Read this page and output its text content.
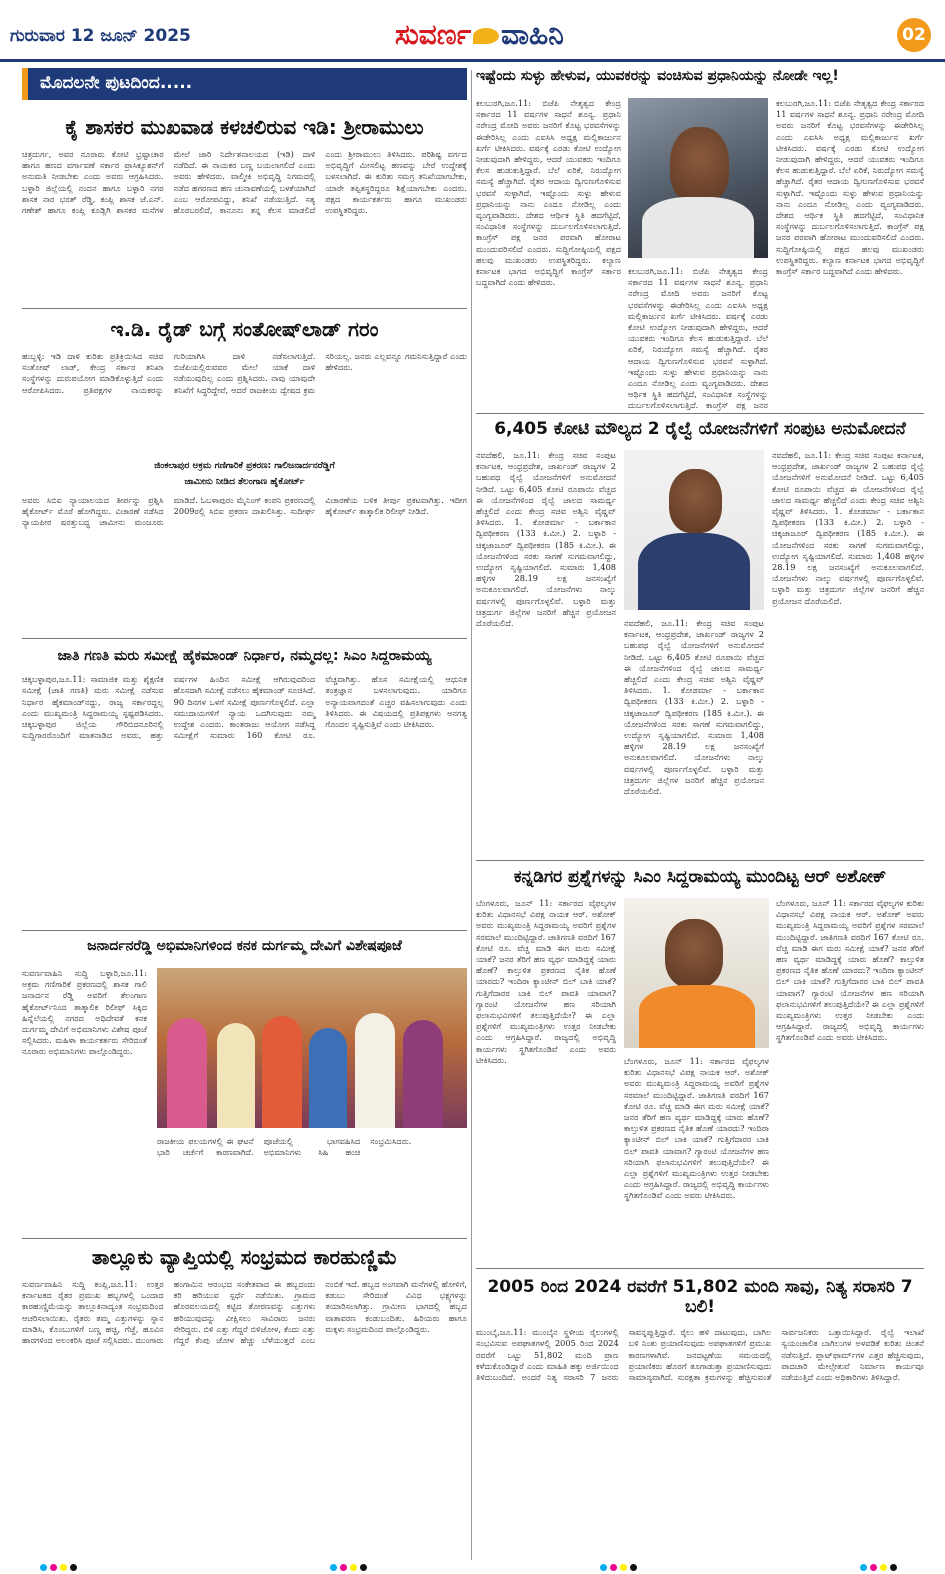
ಗುರುವಾರ 12 ಜೂನ್ 2025	ಸುವರ್ಣ ವಾಹಿನಿ	02
ಮೊದಲನೇ ಪುಟದಿಂದ.....
ಕೈ ಶಾಸಕರ ಮುಖವಾಡ ಕಳಚಲಿರುವ ಇಡಿ: ಶ್ರೀರಾಮುಲು
ಚಿತ್ರದುರ್ಗ, ಅವರ ನೂರಾರು ಕೋಟಿ ಭ್ರಷ್ಟಾಚಾರ ಹಾಗೂ ಹಣದ ವರ್ಗಾವಣೆ ಸರ್ಕಾರ ಪ್ರಾಸಿಕ್ಯೂಶನ್‌ಗೆ ಅನುಮತಿ ನೀಡಬೇಕು ಎಂದು ಅವರು ಆಗ್ರಹಿಸಿದರು. ಬಳ್ಳಾರಿ ಜಿಲ್ಲೆಯಲ್ಲಿ ನಂದನ ಹಾಗೂ ಬಳ್ಳಾರಿ ನಗರ ಶಾಸಕ ನಾರ ಭರತ್ ರೆಡ್ಡಿ, ಕಂಪ್ಲಿ ಶಾಸಕ ಜೆ.ಎನ್. ಗಣೇಶ್ ಹಾಗೂ ಕಂಪ್ಲಿ ಕೂಡ್ಲಿಗಿ ಶಾಸಕರ ಮನೆಗಳ ಮೇಲೆ ಜಾರಿ ನಿರ್ದೇಶನಾಲಯದ (ಇಡಿ) ದಾಳಿ ನಡೆದಿದೆ. ಈ ನಾಯಕರ ಬಣ್ಣ ಬಯಲಾಗಲಿದೆ ಎಂದು ಅವರು ಹೇಳಿದರು. ವಾಲ್ಮೀಕಿ ಅಭಿವೃದ್ಧಿ ನಿಗಮದಲ್ಲಿ ನಡೆದ ಹಗರಣದ ಹಣ ಚುನಾವಣೆಯಲ್ಲಿ ಬಳಕೆಯಾಗಿದೆ ಎಂಬ ಆರೋಪವಿದ್ದು, ತನಿಖೆ ನಡೆಯುತ್ತಿದೆ. ಸತ್ಯ ಹೊರಬರಲಿದೆ, ಕಾನೂನು ತನ್ನ ಕೆಲಸ ಮಾಡಲಿದೆ ಎಂದು ಶ್ರೀರಾಮುಲು ತಿಳಿಸಿದರು. ಪರಿಶಿಷ್ಟ ವರ್ಗದ ಅಭಿವೃದ್ಧಿಗೆ ಮೀಸಲಿಟ್ಟ ಹಣವನ್ನು ಬೇರೆ ಉದ್ದೇಶಕ್ಕೆ ಬಳಸಲಾಗಿದೆ. ಈ ಕುರಿತು ಸಮಗ್ರ ತನಿಖೆಯಾಗಬೇಕು, ಯಾರೇ ತಪ್ಪಿತಸ್ಥರಿದ್ದರೂ ಶಿಕ್ಷೆಯಾಗಬೇಕು ಎಂದರು. ಪಕ್ಷದ ಕಾರ್ಯಕರ್ತರು ಹಾಗೂ ಮುಖಂಡರು ಉಪಸ್ಥಿತರಿದ್ದರು.
ಇ.ಡಿ. ರೈಡ್ ಬಗ್ಗೆ ಸಂತೋಷ್‌ಲಾಡ್ ಗರಂ
ಹುಬ್ಬಳ್ಳಿ: ಇಡಿ ದಾಳಿ ಕುರಿತು ಪ್ರತಿಕ್ರಿಯಿಸಿದ ಸಚಿವ ಸಂತೋಷ್ ಲಾಡ್, ಕೇಂದ್ರ ಸರ್ಕಾರ ತನಿಖಾ ಸಂಸ್ಥೆಗಳನ್ನು ದುರುಪಯೋಗ ಮಾಡಿಕೊಳ್ಳುತ್ತಿದೆ ಎಂದು ಆರೋಪಿಸಿದರು. ಪ್ರತಿಪಕ್ಷಗಳ ನಾಯಕರನ್ನು ಗುರಿಯಾಗಿಸಿ ದಾಳಿ ನಡೆಸಲಾಗುತ್ತಿದೆ. ಬಿಜೆಪಿಯಲ್ಲಿರುವವರ ಮೇಲೆ ಯಾಕೆ ದಾಳಿ ನಡೆಯುವುದಿಲ್ಲ ಎಂದು ಪ್ರಶ್ನಿಸಿದರು. ನಾವು ಯಾವುದೇ ತನಿಖೆಗೆ ಸಿದ್ಧರಿದ್ದೇವೆ, ಆದರೆ ರಾಜಕೀಯ ದ್ವೇಷದ ಕ್ರಮ ಸರಿಯಲ್ಲ. ಜನರು ಎಲ್ಲವನ್ನೂ ಗಮನಿಸುತ್ತಿದ್ದಾರೆ ಎಂದು ಹೇಳಿದರು.
ಜಿಂಕಲಾಪುರ ಅಕ್ರಮ ಗಣಿಗಾರಿಕೆ ಪ್ರಕರಣ: ಗಾಲಿಜನಾರ್ದನರೆಡ್ಡಿಗೆ
ಜಾಮೀನು ನೀಡಿದ ತೆಲಂಗಾಣ ಹೈಕೋರ್ಟ್
ಅವರು ಸಿಬಿಐ ನ್ಯಾಯಾಲಯದ ತೀರ್ಪನ್ನು ಪ್ರಶ್ನಿಸಿ ಹೈಕೋರ್ಟ್ ಮೊರೆ ಹೋಗಿದ್ದರು. ವಿಚಾರಣೆ ನಡೆಸಿದ ನ್ಯಾಯಪೀಠ ಷರತ್ತುಬದ್ಧ ಜಾಮೀನು ಮಂಜೂರು ಮಾಡಿದೆ. ಓಬಳಾಪುರಂ ಮೈನಿಂಗ್ ಕಂಪನಿ ಪ್ರಕರಣದಲ್ಲಿ 2009ರಲ್ಲಿ ಸಿಬಿಐ ಪ್ರಕರಣ ದಾಖಲಿಸಿತ್ತು. ಸುದೀರ್ಘ ವಿಚಾರಣೆಯ ಬಳಿಕ ತೀರ್ಪು ಪ್ರಕಟವಾಗಿತ್ತು. ಇದೀಗ ಹೈಕೋರ್ಟ್ ತಾತ್ಕಾಲಿಕ ರಿಲೀಫ್ ನೀಡಿದೆ.
ಜಾತಿ ಗಣತಿ ಮರು ಸಮೀಕ್ಷೆ ಹೈಕಮಾಂಡ್ ನಿರ್ಧಾರ, ನಮ್ಮದಲ್ಲ: ಸಿಎಂ ಸಿದ್ದರಾಮಯ್ಯ
ಚಿಕ್ಕಬಳ್ಳಾಪುರ,ಜೂ.11: ಸಾಮಾಜಿಕ ಮತ್ತು ಶೈಕ್ಷಣಿಕ ಸಮೀಕ್ಷೆ (ಜಾತಿ ಗಣತಿ) ಮರು ಸಮೀಕ್ಷೆ ನಡೆಸುವ ನಿರ್ಧಾರ ಹೈಕಮಾಂಡ್‌ನದ್ದು, ರಾಜ್ಯ ಸರ್ಕಾರದ್ದಲ್ಲ ಎಂದು ಮುಖ್ಯಮಂತ್ರಿ ಸಿದ್ದರಾಮಯ್ಯ ಸ್ಪಷ್ಟಪಡಿಸಿದರು. ಚಿಕ್ಕಬಳ್ಳಾಪುರ ಜಿಲ್ಲೆಯ ಗೌರಿಬಿದನೂರಿನಲ್ಲಿ ಸುದ್ದಿಗಾರರೊಂದಿಗೆ ಮಾತನಾಡಿದ ಅವರು, ಹತ್ತು ವರ್ಷಗಳ ಹಿಂದಿನ ಸಮೀಕ್ಷೆ ಆಗಿರುವುದರಿಂದ ಹೊಸದಾಗಿ ಸಮೀಕ್ಷೆ ನಡೆಸಲು ಹೈಕಮಾಂಡ್ ಸೂಚಿಸಿದೆ. 90 ದಿನಗಳ ಒಳಗೆ ಸಮೀಕ್ಷೆ ಪೂರ್ಣಗೊಳ್ಳಲಿದೆ. ಎಲ್ಲಾ ಸಮುದಾಯಗಳಿಗೆ ನ್ಯಾಯ ಒದಗಿಸುವುದು ನಮ್ಮ ಉದ್ದೇಶ ಎಂದರು. ಕಾಂತರಾಜು ಆಯೋಗ ನಡೆಸಿದ್ದ ಸಮೀಕ್ಷೆಗೆ ಸುಮಾರು 160 ಕೋಟಿ ರೂ. ವೆಚ್ಚವಾಗಿತ್ತು. ಹೊಸ ಸಮೀಕ್ಷೆಯಲ್ಲಿ ಆಧುನಿಕ ತಂತ್ರಜ್ಞಾನ ಬಳಸಲಾಗುವುದು. ಯಾರಿಗೂ ಅನ್ಯಾಯವಾಗದಂತೆ ಎಚ್ಚರ ವಹಿಸಲಾಗುವುದು ಎಂದು ತಿಳಿಸಿದರು. ಈ ವಿಷಯದಲ್ಲಿ ಪ್ರತಿಪಕ್ಷಗಳು ಅನಗತ್ಯ ಗೊಂದಲ ಸೃಷ್ಟಿಸುತ್ತಿವೆ ಎಂದು ಟೀಕಿಸಿದರು.
ಜನಾರ್ದನರೆಡ್ಡಿ ಅಭಿಮಾನಿಗಳಿಂದ ಕನಕ ದುರ್ಗಮ್ಮ ದೇವಿಗೆ ವಿಶೇಷಪೂಜೆ
ಸುವರ್ಣವಾಹಿನಿ ಸುದ್ದಿ ಬಳ್ಳಾರಿ,ಜೂ.11: ಅಕ್ರಮ ಗಣಿಗಾರಿಕೆ ಪ್ರಕರಣದಲ್ಲಿ ಶಾಸಕ ಗಾಲಿ ಜನಾರ್ದನ ರೆಡ್ಡಿ ಅವರಿಗೆ ತೆಲಂಗಾಣ ಹೈಕೋರ್ಟ್‌ನಿಂದ ತಾತ್ಕಾಲಿಕ ರಿಲೀಫ್ ಸಿಕ್ಕಿದ ಹಿನ್ನೆಲೆಯಲ್ಲಿ ನಗರದ ಅಧಿದೇವತೆ ಕನಕ ದುರ್ಗಮ್ಮ ದೇವಿಗೆ ಅಭಿಮಾನಿಗಳು ವಿಶೇಷ ಪೂಜೆ ಸಲ್ಲಿಸಿದರು. ಮಹಿಳಾ ಕಾರ್ಯಕರ್ತರು ಸೇರಿದಂತೆ ನೂರಾರು ಅಭಿಮಾನಿಗಳು ಪಾಲ್ಗೊಂಡಿದ್ದರು.
ರಾಜಕೀಯ ಪಲಯಗಳಲ್ಲಿ ಈ ಘಟನೆ ಭಾರಿ ಚರ್ಚೆಗೆ ಕಾರಣವಾಗಿದೆ. ಪೂಜೆಯಲ್ಲಿ ಭಾಗವಹಿಸಿದ ಅಭಿಮಾನಿಗಳು ಸಿಹಿ ಹಂಚಿ ಸಂಭ್ರಮಿಸಿದರು.
ತಾಲ್ಲೂಕು ವ್ಯಾಪ್ತಿಯಲ್ಲಿ ಸಂಭ್ರಮದ ಕಾರಹುಣ್ಣಿಮೆ
ಸುವರ್ಣವಾಹಿನಿ ಸುದ್ದಿ ಕಂಪ್ಲಿ,ಜೂ.11: ಉತ್ತರ ಕರ್ನಾಟಕದ ರೈತರ ಪ್ರಮುಖ ಹಬ್ಬಗಳಲ್ಲಿ ಒಂದಾದ ಕಾರಹುಣ್ಣಿಮೆಯನ್ನು ತಾಲ್ಲೂಕಿನಾದ್ಯಂತ ಸಂಭ್ರಮದಿಂದ ಆಚರಿಸಲಾಯಿತು. ರೈತರು ತಮ್ಮ ಎತ್ತುಗಳನ್ನು ಸ್ನಾನ ಮಾಡಿಸಿ, ಕೊಂಬುಗಳಿಗೆ ಬಣ್ಣ ಹಚ್ಚಿ, ಗೆಜ್ಜೆ, ಹೂವಿನ ಹಾರಗಳಿಂದ ಅಲಂಕರಿಸಿ ಪೂಜೆ ಸಲ್ಲಿಸಿದರು. ಮುಂಗಾರು ಹಂಗಾಮಿನ ಆರಂಭದ ಸಂಕೇತವಾದ ಈ ಹಬ್ಬದಂದು ಕರಿ ಹರಿಯುವ ಸ್ಪರ್ಧೆ ನಡೆಯಿತು. ಗ್ರಾಮದ ಹೊರವಲಯದಲ್ಲಿ ಕಟ್ಟಿದ ತೋರಣವನ್ನು ಎತ್ತುಗಳು ಹರಿಯುವುದನ್ನು ವೀಕ್ಷಿಸಲು ಸಾವಿರಾರು ಜನರು ಸೇರಿದ್ದರು. ಬಿಳಿ ಎತ್ತು ಗೆದ್ದರೆ ಬಿಳಿಜೋಳ, ಕೆಂದು ಎತ್ತು ಗೆದ್ದರೆ ಕೆಂಪು ಜೋಳ ಹೆಚ್ಚು ಬೆಳೆಯುತ್ತದೆ ಎಂಬ ನಂಬಿಕೆ ಇದೆ. ಹಬ್ಬದ ಅಂಗವಾಗಿ ಮನೆಗಳಲ್ಲಿ ಹೋಳಿಗೆ, ಕಡುಬು ಸೇರಿದಂತೆ ವಿವಿಧ ಭಕ್ಷ್ಯಗಳನ್ನು ತಯಾರಿಸಲಾಗಿತ್ತು. ಗ್ರಾಮೀಣ ಭಾಗದಲ್ಲಿ ಹಬ್ಬದ ವಾತಾವರಣ ಕಂಡುಬಂದಿತು. ಹಿರಿಯರು ಹಾಗೂ ಮಕ್ಕಳು ಸಂಭ್ರಮದಿಂದ ಪಾಲ್ಗೊಂಡಿದ್ದರು.
ಇಷ್ಟೆಂದು ಸುಳ್ಳು ಹೇಳುವ, ಯುವಕರನ್ನು ವಂಚಿಸುವ ಪ್ರಧಾನಿಯನ್ನು ನೋಡೇ ಇಲ್ಲ!
ಕಲಬುರಗಿ,ಜೂ.11: ಬಿಜೆಪಿ ನೇತೃತ್ವದ ಕೇಂದ್ರ ಸರ್ಕಾರದ 11 ವರ್ಷಗಳ ಸಾಧನೆ ಶೂನ್ಯ. ಪ್ರಧಾನಿ ನರೇಂದ್ರ ಮೋದಿ ಅವರು ಜನರಿಗೆ ಕೊಟ್ಟ ಭರವಸೆಗಳನ್ನು ಈಡೇರಿಸಿಲ್ಲ ಎಂದು ಎಐಸಿಸಿ ಅಧ್ಯಕ್ಷ ಮಲ್ಲಿಕಾರ್ಜುನ ಖರ್ಗೆ ಟೀಕಿಸಿದರು. ವರ್ಷಕ್ಕೆ ಎರಡು ಕೋಟಿ ಉದ್ಯೋಗ ನೀಡುವುದಾಗಿ ಹೇಳಿದ್ದರು, ಆದರೆ ಯುವಕರು ಇಂದಿಗೂ ಕೆಲಸ ಹುಡುಕುತ್ತಿದ್ದಾರೆ. ಬೆಲೆ ಏರಿಕೆ, ನಿರುದ್ಯೋಗ ಸಮಸ್ಯೆ ಹೆಚ್ಚಾಗಿದೆ. ರೈತರ ಆದಾಯ ದ್ವಿಗುಣಗೊಳಿಸುವ ಭರವಸೆ ಸುಳ್ಳಾಗಿದೆ. ಇಷ್ಟೊಂದು ಸುಳ್ಳು ಹೇಳುವ ಪ್ರಧಾನಿಯನ್ನು ನಾನು ಎಂದೂ ನೋಡಿಲ್ಲ ಎಂದು ವ್ಯಂಗ್ಯವಾಡಿದರು. ದೇಶದ ಆರ್ಥಿಕ ಸ್ಥಿತಿ ಹದಗೆಟ್ಟಿದೆ, ಸಂವಿಧಾನಿಕ ಸಂಸ್ಥೆಗಳನ್ನು ದುರ್ಬಲಗೊಳಿಸಲಾಗುತ್ತಿದೆ. ಕಾಂಗ್ರೆಸ್ ಪಕ್ಷ ಜನರ ಪರವಾಗಿ ಹೋರಾಟ ಮುಂದುವರಿಸಲಿದೆ ಎಂದರು. ಸುದ್ದಿಗೋಷ್ಠಿಯಲ್ಲಿ ಪಕ್ಷದ ಹಲವು ಮುಖಂಡರು ಉಪಸ್ಥಿತರಿದ್ದರು. ಕಲ್ಯಾಣ ಕರ್ನಾಟಕ ಭಾಗದ ಅಭಿವೃದ್ಧಿಗೆ ಕಾಂಗ್ರೆಸ್ ಸರ್ಕಾರ ಬದ್ಧವಾಗಿದೆ ಎಂದು ಹೇಳಿದರು.
ಕಲಬುರಗಿ,ಜೂ.11: ಬಿಜೆಪಿ ನೇತೃತ್ವದ ಕೇಂದ್ರ ಸರ್ಕಾರದ 11 ವರ್ಷಗಳ ಸಾಧನೆ ಶೂನ್ಯ. ಪ್ರಧಾನಿ ನರೇಂದ್ರ ಮೋದಿ ಅವರು ಜನರಿಗೆ ಕೊಟ್ಟ ಭರವಸೆಗಳನ್ನು ಈಡೇರಿಸಿಲ್ಲ ಎಂದು ಎಐಸಿಸಿ ಅಧ್ಯಕ್ಷ ಮಲ್ಲಿಕಾರ್ಜುನ ಖರ್ಗೆ ಟೀಕಿಸಿದರು. ವರ್ಷಕ್ಕೆ ಎರಡು ಕೋಟಿ ಉದ್ಯೋಗ ನೀಡುವುದಾಗಿ ಹೇಳಿದ್ದರು, ಆದರೆ ಯುವಕರು ಇಂದಿಗೂ ಕೆಲಸ ಹುಡುಕುತ್ತಿದ್ದಾರೆ. ಬೆಲೆ ಏರಿಕೆ, ನಿರುದ್ಯೋಗ ಸಮಸ್ಯೆ ಹೆಚ್ಚಾಗಿದೆ. ರೈತರ ಆದಾಯ ದ್ವಿಗುಣಗೊಳಿಸುವ ಭರವಸೆ ಸುಳ್ಳಾಗಿದೆ. ಇಷ್ಟೊಂದು ಸುಳ್ಳು ಹೇಳುವ ಪ್ರಧಾನಿಯನ್ನು ನಾನು ಎಂದೂ ನೋಡಿಲ್ಲ ಎಂದು ವ್ಯಂಗ್ಯವಾಡಿದರು. ದೇಶದ ಆರ್ಥಿಕ ಸ್ಥಿತಿ ಹದಗೆಟ್ಟಿದೆ, ಸಂವಿಧಾನಿಕ ಸಂಸ್ಥೆಗಳನ್ನು ದುರ್ಬಲಗೊಳಿಸಲಾಗುತ್ತಿದೆ. ಕಾಂಗ್ರೆಸ್ ಪಕ್ಷ ಜನರ ಪರವಾಗಿ ಹೋರಾಟ ಮುಂದುವರಿಸಲಿದೆ ಎಂದರು. ಸುದ್ದಿಗೋಷ್ಠಿಯಲ್ಲಿ ಪಕ್ಷದ ಹಲವು ಮುಖಂಡರು ಉಪಸ್ಥಿತರಿದ್ದರು. ಕಲ್ಯಾಣ ಕರ್ನಾಟಕ ಭಾಗದ ಅಭಿವೃದ್ಧಿಗೆ ಕಾಂಗ್ರೆಸ್ ಸರ್ಕಾರ ಬದ್ಧವಾಗಿದೆ ಎಂದು ಹೇಳಿದರು.
ಕಲಬುರಗಿ,ಜೂ.11: ಬಿಜೆಪಿ ನೇತೃತ್ವದ ಕೇಂದ್ರ ಸರ್ಕಾರದ 11 ವರ್ಷಗಳ ಸಾಧನೆ ಶೂನ್ಯ. ಪ್ರಧಾನಿ ನರೇಂದ್ರ ಮೋದಿ ಅವರು ಜನರಿಗೆ ಕೊಟ್ಟ ಭರವಸೆಗಳನ್ನು ಈಡೇರಿಸಿಲ್ಲ ಎಂದು ಎಐಸಿಸಿ ಅಧ್ಯಕ್ಷ ಮಲ್ಲಿಕಾರ್ಜುನ ಖರ್ಗೆ ಟೀಕಿಸಿದರು. ವರ್ಷಕ್ಕೆ ಎರಡು ಕೋಟಿ ಉದ್ಯೋಗ ನೀಡುವುದಾಗಿ ಹೇಳಿದ್ದರು, ಆದರೆ ಯುವಕರು ಇಂದಿಗೂ ಕೆಲಸ ಹುಡುಕುತ್ತಿದ್ದಾರೆ. ಬೆಲೆ ಏರಿಕೆ, ನಿರುದ್ಯೋಗ ಸಮಸ್ಯೆ ಹೆಚ್ಚಾಗಿದೆ. ರೈತರ ಆದಾಯ ದ್ವಿಗುಣಗೊಳಿಸುವ ಭರವಸೆ ಸುಳ್ಳಾಗಿದೆ. ಇಷ್ಟೊಂದು ಸುಳ್ಳು ಹೇಳುವ ಪ್ರಧಾನಿಯನ್ನು ನಾನು ಎಂದೂ ನೋಡಿಲ್ಲ ಎಂದು ವ್ಯಂಗ್ಯವಾಡಿದರು. ದೇಶದ ಆರ್ಥಿಕ ಸ್ಥಿತಿ ಹದಗೆಟ್ಟಿದೆ, ಸಂವಿಧಾನಿಕ ಸಂಸ್ಥೆಗಳನ್ನು ದುರ್ಬಲಗೊಳಿಸಲಾಗುತ್ತಿದೆ. ಕಾಂಗ್ರೆಸ್ ಪಕ್ಷ ಜನರ
6,405 ಕೋಟಿ ಮೌಲ್ಯದ 2 ರೈಲ್ವೆ ಯೋಜನೆಗಳಿಗೆ ಸಂಪುಟ ಅನುಮೋದನೆ
ನವದೆಹಲಿ, ಜೂ.11: ಕೇಂದ್ರ ಸಚಿವ ಸಂಪುಟ ಕರ್ನಾಟಕ, ಆಂಧ್ರಪ್ರದೇಶ, ಜಾರ್ಖಂಡ್ ರಾಜ್ಯಗಳ 2 ಬಹುಪಥ ರೈಲ್ವೆ ಯೋಜನೆಗಳಿಗೆ ಅನುಮೋದನೆ ನೀಡಿದೆ. ಒಟ್ಟು 6,405 ಕೋಟಿ ರೂಪಾಯಿ ವೆಚ್ಚದ ಈ ಯೋಜನೆಗಳಿಂದ ರೈಲ್ವೆ ಜಾಲದ ಸಾಮರ್ಥ್ಯ ಹೆಚ್ಚಲಿದೆ ಎಂದು ಕೇಂದ್ರ ಸಚಿವ ಅಶ್ವಿನಿ ವೈಷ್ಣವ್ ತಿಳಿಸಿದರು. 1. ಕೋಡರ್ಮಾ - ಬರ್ಕಾಕಾನ ದ್ವಿಪಥೀಕರಣ (133 ಕಿ.ಮೀ.) 2. ಬಳ್ಳಾರಿ - ಚಿಕ್ಕಜಾಜೂರ್ ದ್ವಿಪಥೀಕರಣ (185 ಕಿ.ಮೀ.). ಈ ಯೋಜನೆಗಳಿಂದ ಸರಕು ಸಾಗಣೆ ಸುಗಮವಾಗಲಿದ್ದು, ಉದ್ಯೋಗ ಸೃಷ್ಟಿಯಾಗಲಿದೆ. ಸುಮಾರು 1,408 ಹಳ್ಳಿಗಳ 28.19 ಲಕ್ಷ ಜನಸಂಖ್ಯೆಗೆ ಅನುಕೂಲವಾಗಲಿದೆ. ಯೋಜನೆಗಳು ನಾಲ್ಕು ವರ್ಷಗಳಲ್ಲಿ ಪೂರ್ಣಗೊಳ್ಳಲಿವೆ. ಬಳ್ಳಾರಿ ಮತ್ತು ಚಿತ್ರದುರ್ಗ ಜಿಲ್ಲೆಗಳ ಜನರಿಗೆ ಹೆಚ್ಚಿನ ಪ್ರಯೋಜನ ದೊರೆಯಲಿದೆ.	ನವದೆಹಲಿ, ಜೂ.11: ಕೇಂದ್ರ ಸಚಿವ ಸಂಪುಟ ಕರ್ನಾಟಕ, ಆಂಧ್ರಪ್ರದೇಶ, ಜಾರ್ಖಂಡ್ ರಾಜ್ಯಗಳ 2 ಬಹುಪಥ ರೈಲ್ವೆ ಯೋಜನೆಗಳಿಗೆ ಅನುಮೋದನೆ ನೀಡಿದೆ. ಒಟ್ಟು 6,405 ಕೋಟಿ ರೂಪಾಯಿ ವೆಚ್ಚದ ಈ ಯೋಜನೆಗಳಿಂದ ರೈಲ್ವೆ ಜಾಲದ ಸಾಮರ್ಥ್ಯ ಹೆಚ್ಚಲಿದೆ ಎಂದು ಕೇಂದ್ರ ಸಚಿವ ಅಶ್ವಿನಿ ವೈಷ್ಣವ್ ತಿಳಿಸಿದರು. 1. ಕೋಡರ್ಮಾ - ಬರ್ಕಾಕಾನ ದ್ವಿಪಥೀಕರಣ (133 ಕಿ.ಮೀ.) 2. ಬಳ್ಳಾರಿ - ಚಿಕ್ಕಜಾಜೂರ್ ದ್ವಿಪಥೀಕರಣ (185 ಕಿ.ಮೀ.). ಈ ಯೋಜನೆಗಳಿಂದ ಸರಕು ಸಾಗಣೆ ಸುಗಮವಾಗಲಿದ್ದು, ಉದ್ಯೋಗ ಸೃಷ್ಟಿಯಾಗಲಿದೆ. ಸುಮಾರು 1,408 ಹಳ್ಳಿಗಳ 28.19 ಲಕ್ಷ ಜನಸಂಖ್ಯೆಗೆ ಅನುಕೂಲವಾಗಲಿದೆ. ಯೋಜನೆಗಳು ನಾಲ್ಕು ವರ್ಷಗಳಲ್ಲಿ ಪೂರ್ಣಗೊಳ್ಳಲಿವೆ. ಬಳ್ಳಾರಿ ಮತ್ತು ಚಿತ್ರದುರ್ಗ ಜಿಲ್ಲೆಗಳ ಜನರಿಗೆ ಹೆಚ್ಚಿನ ಪ್ರಯೋಜನ ದೊರೆಯಲಿದೆ.
ನವದೆಹಲಿ, ಜೂ.11: ಕೇಂದ್ರ ಸಚಿವ ಸಂಪುಟ ಕರ್ನಾಟಕ, ಆಂಧ್ರಪ್ರದೇಶ, ಜಾರ್ಖಂಡ್ ರಾಜ್ಯಗಳ 2 ಬಹುಪಥ ರೈಲ್ವೆ ಯೋಜನೆಗಳಿಗೆ ಅನುಮೋದನೆ ನೀಡಿದೆ. ಒಟ್ಟು 6,405 ಕೋಟಿ ರೂಪಾಯಿ ವೆಚ್ಚದ ಈ ಯೋಜನೆಗಳಿಂದ ರೈಲ್ವೆ ಜಾಲದ ಸಾಮರ್ಥ್ಯ ಹೆಚ್ಚಲಿದೆ ಎಂದು ಕೇಂದ್ರ ಸಚಿವ ಅಶ್ವಿನಿ ವೈಷ್ಣವ್ ತಿಳಿಸಿದರು. 1. ಕೋಡರ್ಮಾ - ಬರ್ಕಾಕಾನ ದ್ವಿಪಥೀಕರಣ (133 ಕಿ.ಮೀ.) 2. ಬಳ್ಳಾರಿ - ಚಿಕ್ಕಜಾಜೂರ್ ದ್ವಿಪಥೀಕರಣ (185 ಕಿ.ಮೀ.). ಈ ಯೋಜನೆಗಳಿಂದ ಸರಕು ಸಾಗಣೆ ಸುಗಮವಾಗಲಿದ್ದು, ಉದ್ಯೋಗ ಸೃಷ್ಟಿಯಾಗಲಿದೆ. ಸುಮಾರು 1,408 ಹಳ್ಳಿಗಳ 28.19 ಲಕ್ಷ ಜನಸಂಖ್ಯೆಗೆ ಅನುಕೂಲವಾಗಲಿದೆ. ಯೋಜನೆಗಳು ನಾಲ್ಕು ವರ್ಷಗಳಲ್ಲಿ ಪೂರ್ಣಗೊಳ್ಳಲಿವೆ. ಬಳ್ಳಾರಿ ಮತ್ತು ಚಿತ್ರದುರ್ಗ ಜಿಲ್ಲೆಗಳ ಜನರಿಗೆ ಹೆಚ್ಚಿನ ಪ್ರಯೋಜನ ದೊರೆಯಲಿದೆ.
ಕನ್ನಡಿಗರ ಪ್ರಶ್ನೆಗಳನ್ನು ಸಿಎಂ ಸಿದ್ದರಾಮಯ್ಯ ಮುಂದಿಟ್ಟ ಆರ್ ಅಶೋಕ್
ಬೆಂಗಳೂರು, ಜೂನ್ 11: ಸರ್ಕಾರದ ವೈಫಲ್ಯಗಳ ಕುರಿತು ವಿಧಾನಸಭೆ ವಿಪಕ್ಷ ನಾಯಕ ಆರ್. ಅಶೋಕ್ ಅವರು ಮುಖ್ಯಮಂತ್ರಿ ಸಿದ್ದರಾಮಯ್ಯ ಅವರಿಗೆ ಪ್ರಶ್ನೆಗಳ ಸರಮಾಲೆ ಮುಂದಿಟ್ಟಿದ್ದಾರೆ. ಜಾತಿಗಣತಿ ವರದಿಗೆ 167 ಕೋಟಿ ರೂ. ವೆಚ್ಚ ಮಾಡಿ ಈಗ ಮರು ಸಮೀಕ್ಷೆ ಯಾಕೆ? ಜನರ ತೆರಿಗೆ ಹಣ ವ್ಯರ್ಥ ಮಾಡಿದ್ದಕ್ಕೆ ಯಾರು ಹೊಣೆ? ಕಾಲ್ತುಳಿತ ಪ್ರಕರಣದ ನೈತಿಕ ಹೊಣೆ ಯಾರದು? ಇಂದಿರಾ ಕ್ಯಾಂಟೀನ್ ಬಿಲ್ ಬಾಕಿ ಯಾಕೆ? ಗುತ್ತಿಗೆದಾರರ ಬಾಕಿ ಬಿಲ್ ಪಾವತಿ ಯಾವಾಗ? ಗ್ಯಾರಂಟಿ ಯೋಜನೆಗಳ ಹಣ ಸರಿಯಾಗಿ ಫಲಾನುಭವಿಗಳಿಗೆ ತಲುಪುತ್ತಿದೆಯೇ? ಈ ಎಲ್ಲಾ ಪ್ರಶ್ನೆಗಳಿಗೆ ಮುಖ್ಯಮಂತ್ರಿಗಳು ಉತ್ತರ ನೀಡಬೇಕು ಎಂದು ಆಗ್ರಹಿಸಿದ್ದಾರೆ. ರಾಜ್ಯದಲ್ಲಿ ಅಭಿವೃದ್ಧಿ ಕಾರ್ಯಗಳು ಸ್ಥಗಿತಗೊಂಡಿವೆ ಎಂದು ಅವರು ಟೀಕಿಸಿದರು.	ಬೆಂಗಳೂರು, ಜೂನ್ 11: ಸರ್ಕಾರದ ವೈಫಲ್ಯಗಳ ಕುರಿತು ವಿಧಾನಸಭೆ ವಿಪಕ್ಷ ನಾಯಕ ಆರ್. ಅಶೋಕ್ ಅವರು ಮುಖ್ಯಮಂತ್ರಿ ಸಿದ್ದರಾಮಯ್ಯ ಅವರಿಗೆ ಪ್ರಶ್ನೆಗಳ ಸರಮಾಲೆ ಮುಂದಿಟ್ಟಿದ್ದಾರೆ. ಜಾತಿಗಣತಿ ವರದಿಗೆ 167 ಕೋಟಿ ರೂ. ವೆಚ್ಚ ಮಾಡಿ ಈಗ ಮರು ಸಮೀಕ್ಷೆ ಯಾಕೆ? ಜನರ ತೆರಿಗೆ ಹಣ ವ್ಯರ್ಥ ಮಾಡಿದ್ದಕ್ಕೆ ಯಾರು ಹೊಣೆ? ಕಾಲ್ತುಳಿತ ಪ್ರಕರಣದ ನೈತಿಕ ಹೊಣೆ ಯಾರದು? ಇಂದಿರಾ ಕ್ಯಾಂಟೀನ್ ಬಿಲ್ ಬಾಕಿ ಯಾಕೆ? ಗುತ್ತಿಗೆದಾರರ ಬಾಕಿ ಬಿಲ್ ಪಾವತಿ ಯಾವಾಗ? ಗ್ಯಾರಂಟಿ ಯೋಜನೆಗಳ ಹಣ ಸರಿಯಾಗಿ ಫಲಾನುಭವಿಗಳಿಗೆ ತಲುಪುತ್ತಿದೆಯೇ? ಈ ಎಲ್ಲಾ ಪ್ರಶ್ನೆಗಳಿಗೆ ಮುಖ್ಯಮಂತ್ರಿಗಳು ಉತ್ತರ ನೀಡಬೇಕು ಎಂದು ಆಗ್ರಹಿಸಿದ್ದಾರೆ. ರಾಜ್ಯದಲ್ಲಿ ಅಭಿವೃದ್ಧಿ ಕಾರ್ಯಗಳು ಸ್ಥಗಿತಗೊಂಡಿವೆ ಎಂದು ಅವರು ಟೀಕಿಸಿದರು.
ಬೆಂಗಳೂರು, ಜೂನ್ 11: ಸರ್ಕಾರದ ವೈಫಲ್ಯಗಳ ಕುರಿತು ವಿಧಾನಸಭೆ ವಿಪಕ್ಷ ನಾಯಕ ಆರ್. ಅಶೋಕ್ ಅವರು ಮುಖ್ಯಮಂತ್ರಿ ಸಿದ್ದರಾಮಯ್ಯ ಅವರಿಗೆ ಪ್ರಶ್ನೆಗಳ ಸರಮಾಲೆ ಮುಂದಿಟ್ಟಿದ್ದಾರೆ. ಜಾತಿಗಣತಿ ವರದಿಗೆ 167 ಕೋಟಿ ರೂ. ವೆಚ್ಚ ಮಾಡಿ ಈಗ ಮರು ಸಮೀಕ್ಷೆ ಯಾಕೆ? ಜನರ ತೆರಿಗೆ ಹಣ ವ್ಯರ್ಥ ಮಾಡಿದ್ದಕ್ಕೆ ಯಾರು ಹೊಣೆ? ಕಾಲ್ತುಳಿತ ಪ್ರಕರಣದ ನೈತಿಕ ಹೊಣೆ ಯಾರದು? ಇಂದಿರಾ ಕ್ಯಾಂಟೀನ್ ಬಿಲ್ ಬಾಕಿ ಯಾಕೆ? ಗುತ್ತಿಗೆದಾರರ ಬಾಕಿ ಬಿಲ್ ಪಾವತಿ ಯಾವಾಗ? ಗ್ಯಾರಂಟಿ ಯೋಜನೆಗಳ ಹಣ ಸರಿಯಾಗಿ ಫಲಾನುಭವಿಗಳಿಗೆ ತಲುಪುತ್ತಿದೆಯೇ? ಈ ಎಲ್ಲಾ ಪ್ರಶ್ನೆಗಳಿಗೆ ಮುಖ್ಯಮಂತ್ರಿಗಳು ಉತ್ತರ ನೀಡಬೇಕು ಎಂದು ಆಗ್ರಹಿಸಿದ್ದಾರೆ. ರಾಜ್ಯದಲ್ಲಿ ಅಭಿವೃದ್ಧಿ ಕಾರ್ಯಗಳು ಸ್ಥಗಿತಗೊಂಡಿವೆ ಎಂದು ಅವರು ಟೀಕಿಸಿದರು.
2005 ರಿಂದ 2024 ರವರೆಗೆ 51,802 ಮಂದಿ ಸಾವು, ನಿತ್ಯ ಸರಾಸರಿ 7 ಬಲಿ!
ಮುಂಬೈ,ಜೂ.11: ಮುಂಬೈನ ಸ್ಥಳೀಯ ರೈಲುಗಳಲ್ಲಿ ಸಂಭವಿಸುವ ಅಪಘಾತಗಳಲ್ಲಿ 2005 ರಿಂದ 2024 ರವರೆಗೆ ಒಟ್ಟು 51,802 ಮಂದಿ ಪ್ರಾಣ ಕಳೆದುಕೊಂಡಿದ್ದಾರೆ ಎಂದು ಮಾಹಿತಿ ಹಕ್ಕು ಅರ್ಜಿಯಿಂದ ತಿಳಿದುಬಂದಿದೆ. ಅಂದರೆ ನಿತ್ಯ ಸರಾಸರಿ 7 ಜನರು ಸಾವನ್ನಪ್ಪುತ್ತಿದ್ದಾರೆ. ರೈಲು ಹಳಿ ದಾಟುವುದು, ಬಾಗಿಲ ಬಳಿ ನಿಂತು ಪ್ರಯಾಣಿಸುವುದು ಅಪಘಾತಗಳಿಗೆ ಪ್ರಮುಖ ಕಾರಣಗಳಾಗಿವೆ. ಜನದಟ್ಟಣೆಯ ಸಮಯದಲ್ಲಿ ಪ್ರಯಾಣಿಕರು ಹೊರಗೆ ತೂಗಾಡುತ್ತಾ ಪ್ರಯಾಣಿಸುವುದು ಸಾಮಾನ್ಯವಾಗಿದೆ. ಸುರಕ್ಷತಾ ಕ್ರಮಗಳನ್ನು ಹೆಚ್ಚಿಸುವಂತೆ ಸಾರ್ವಜನಿಕರು ಒತ್ತಾಯಿಸಿದ್ದಾರೆ. ರೈಲ್ವೆ ಇಲಾಖೆ ಸ್ವಯಂಚಾಲಿತ ಬಾಗಿಲುಗಳ ಅಳವಡಿಕೆ ಕುರಿತು ಚಿಂತನೆ ನಡೆಸುತ್ತಿದೆ. ಪ್ಲಾಟ್‌ಫಾರ್ಮ್‌ಗಳ ಎತ್ತರ ಹೆಚ್ಚಿಸುವುದು, ಪಾದಚಾರಿ ಮೇಲ್ಸೇತುವೆ ನಿರ್ಮಾಣ ಕಾರ್ಯವೂ ನಡೆಯುತ್ತಿದೆ ಎಂದು ಅಧಿಕಾರಿಗಳು ತಿಳಿಸಿದ್ದಾರೆ.
